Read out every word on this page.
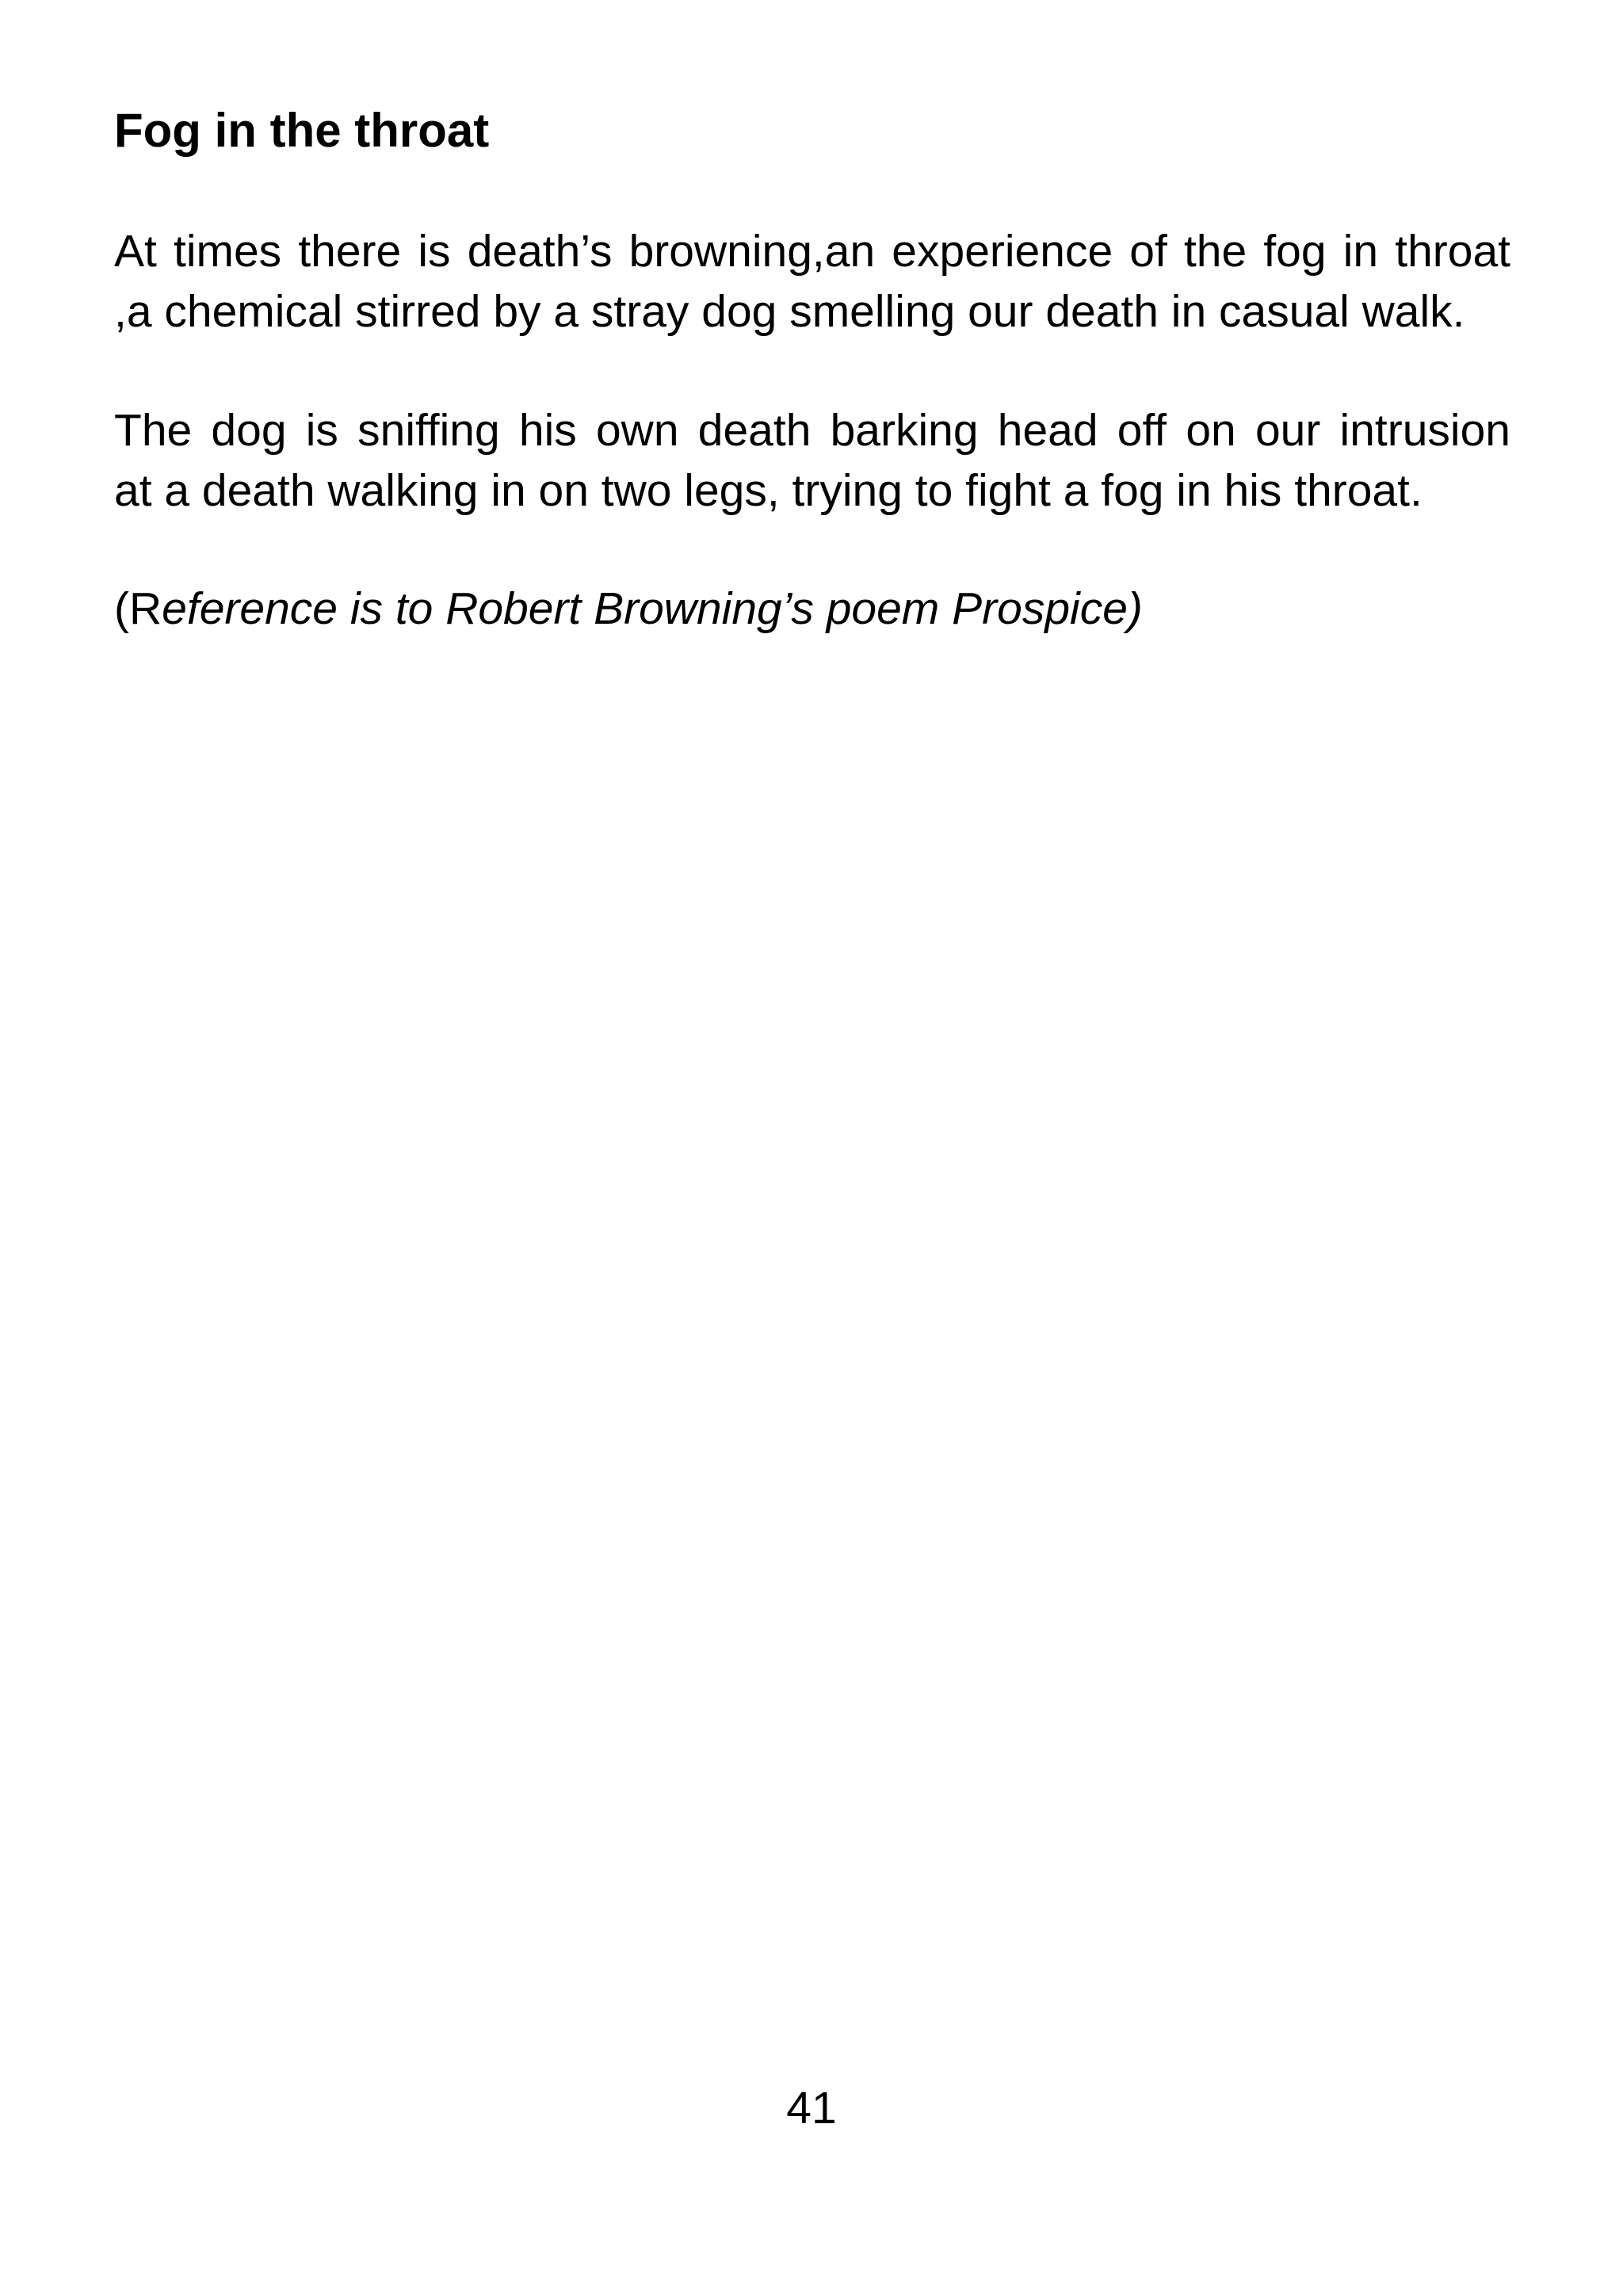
Fog in the throat

At times there is death’s browning,an experience of the fog in throat
,a chemical stirred by a stray dog smelling our death in casual walk.

The dog is sniffing his own death barking head off on our intrusion
at a death walking in on two legs, trying to fight a fog in his throat.

(Reference is to Robert Browning’s poem Prospice)

41
